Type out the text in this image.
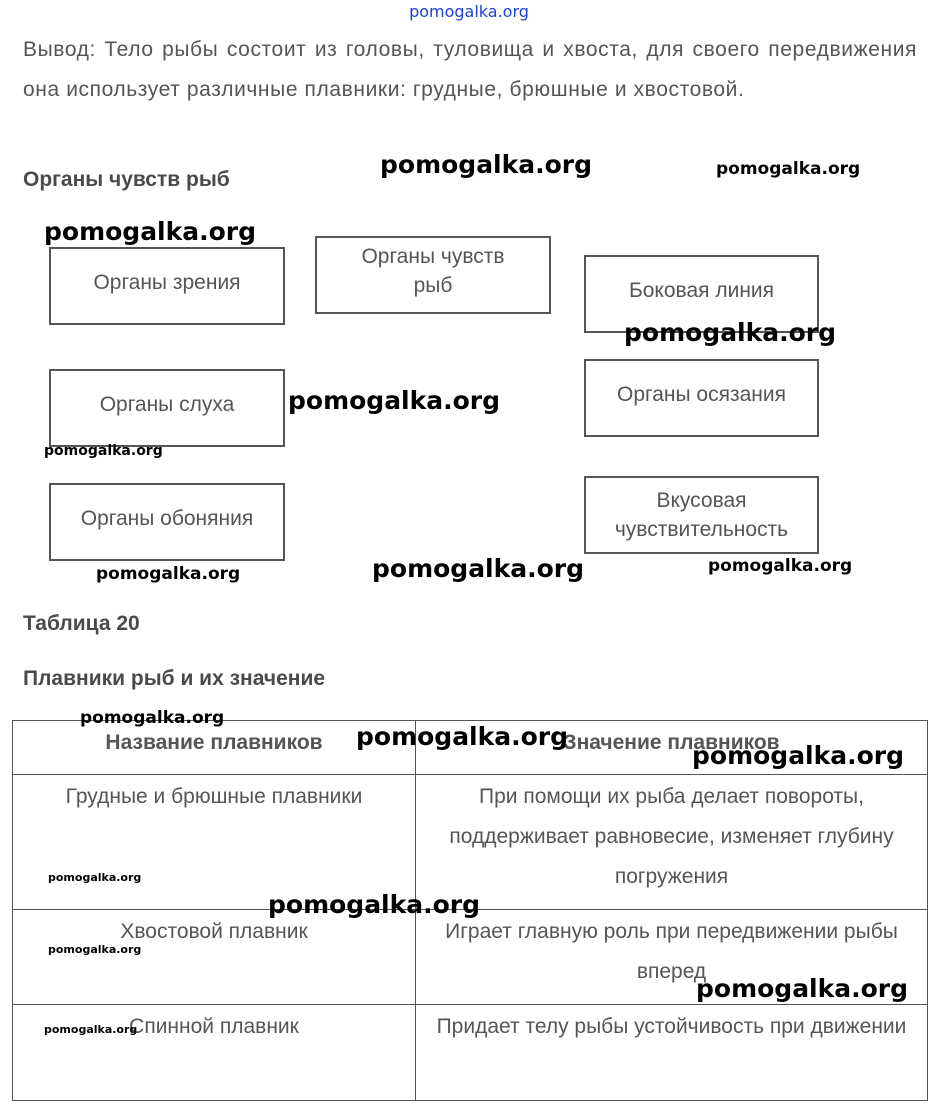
pomogalka.org
Вывод: Тело рыбы состоит из головы, туловища и хвоста, для своего передвижения она использует различные плавники: грудные, брюшные и хвостовой.
Органы чувств рыб
Органы зрения
Органы чувств рыб	Боковая линия
Органы слуха	Органы осязания
Органы обоняния
Вкусовая чувствительность
Таблица 20
Плавники рыб и их значение
Название плавников	Значение плавников
Грудные и брюшные плавники	При помощи их рыба делает повороты, поддерживает равновесие, изменяет глубину погружения
Хвостовой плавник	Играет главную роль при передвижении рыбы вперед
Спинной плавник	Придает телу рыбы устойчивость при движении
pomogalka.org	pomogalka.org
pomogalka.org
pomogalka.org
pomogalka.org
pomogalka.org
pomogalka.org
pomogalka.org	pomogalka.org
pomogalka.org
pomogalka.org
pomogalka.org
pomogalka.org
pomogalka.org
pomogalka.org
pomogalka.org
pomogalka.org
